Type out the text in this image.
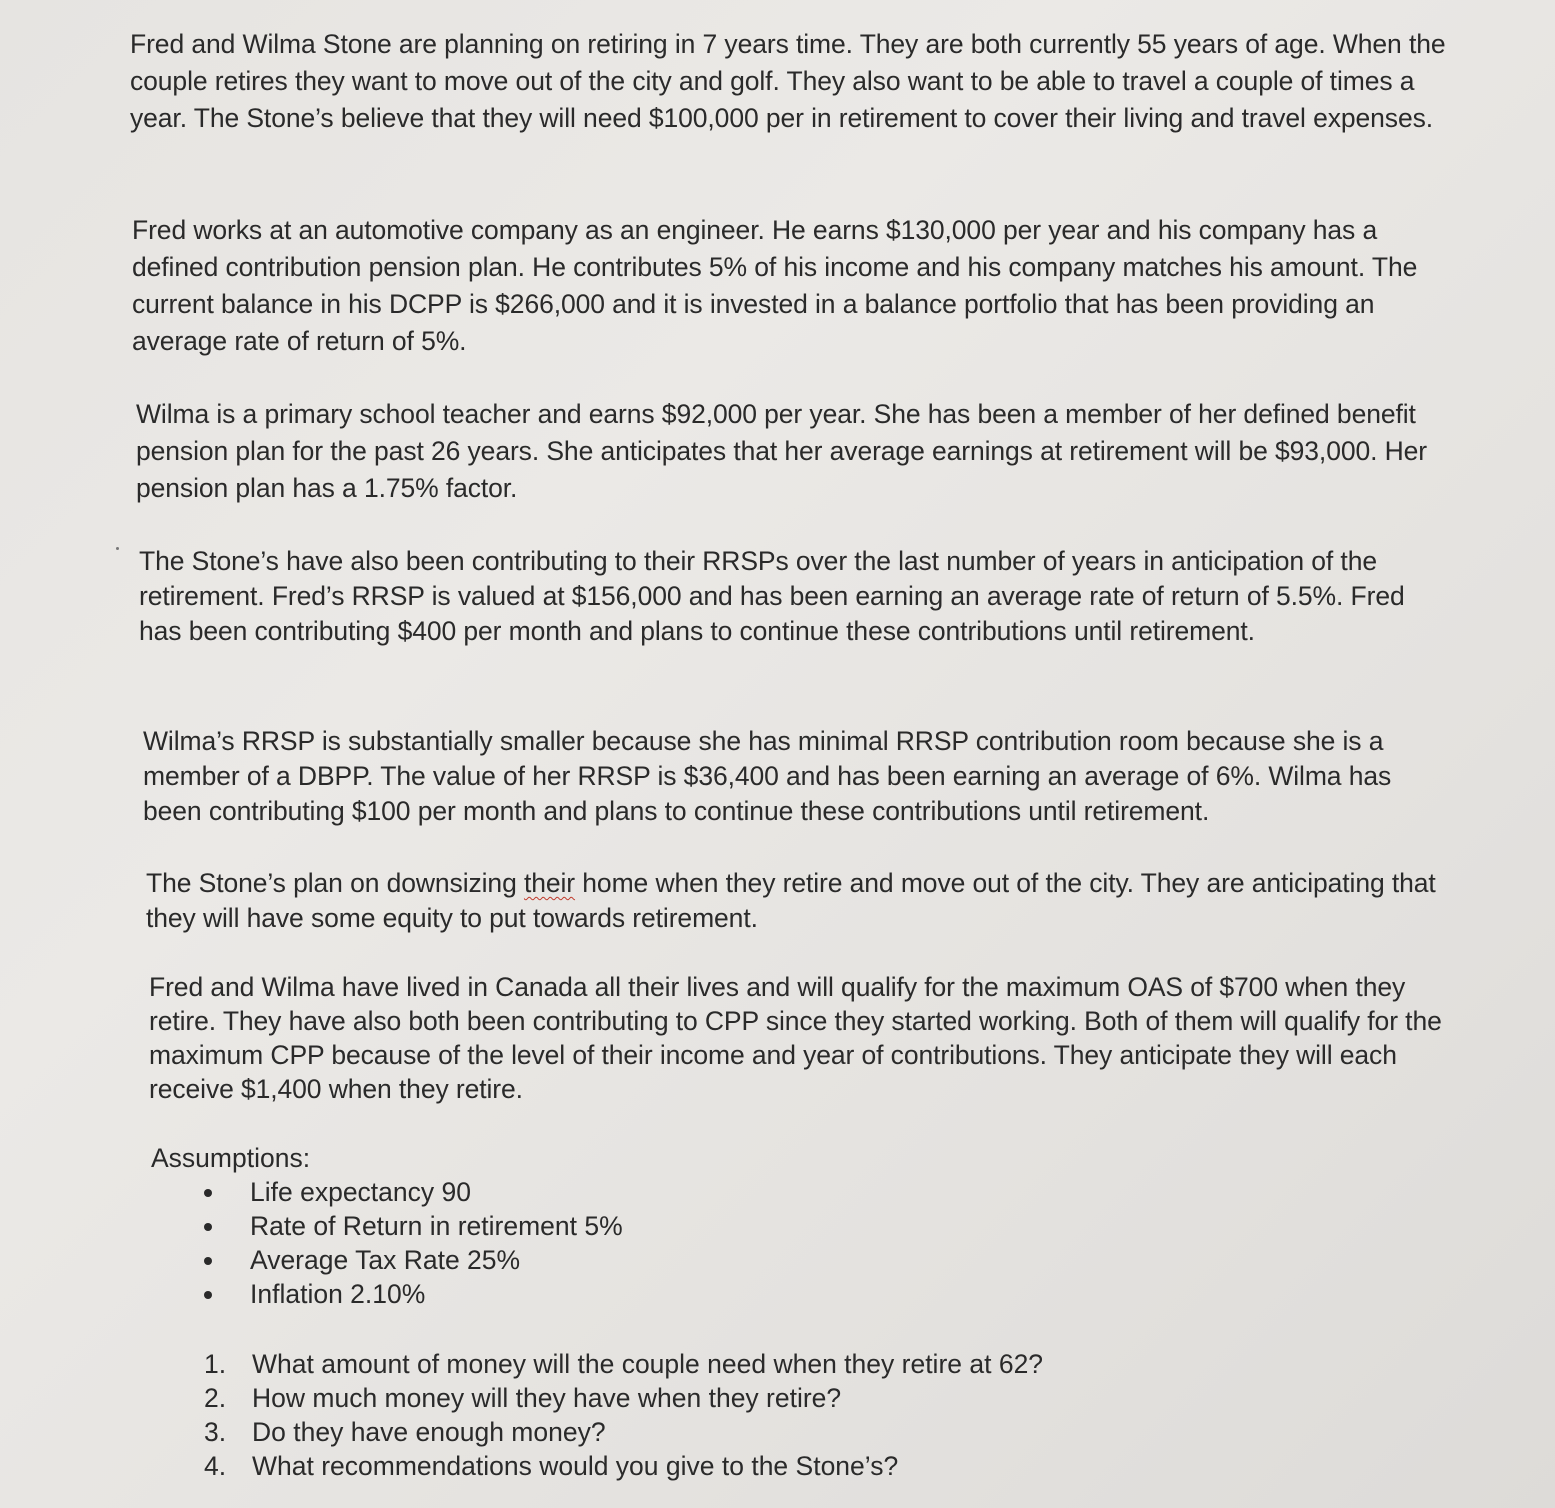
Fred and Wilma Stone are planning on retiring in 7 years time. They are both currently 55 years of age. When the couple retires they want to move out of the city and golf. They also want to be able to travel a couple of times a year. The Stone’s believe that they will need $100,000 per in retirement to cover their living and travel expenses.

Fred works at an automotive company as an engineer. He earns $130,000 per year and his company has a defined contribution pension plan. He contributes 5% of his income and his company matches his amount. The current balance in his DCPP is $266,000 and it is invested in a balance portfolio that has been providing an average rate of return of 5%.

Wilma is a primary school teacher and earns $92,000 per year. She has been a member of her defined benefit pension plan for the past 26 years. She anticipates that her average earnings at retirement will be $93,000. Her pension plan has a 1.75% factor.

The Stone’s have also been contributing to their RRSPs over the last number of years in anticipation of the retirement. Fred’s RRSP is valued at $156,000 and has been earning an average rate of return of 5.5%. Fred has been contributing $400 per month and plans to continue these contributions until retirement.

Wilma’s RRSP is substantially smaller because she has minimal RRSP contribution room because she is a member of a DBPP. The value of her RRSP is $36,400 and has been earning an average of 6%. Wilma has been contributing $100 per month and plans to continue these contributions until retirement.

The Stone’s plan on downsizing their home when they retire and move out of the city. They are anticipating that they will have some equity to put towards retirement.

Fred and Wilma have lived in Canada all their lives and will qualify for the maximum OAS of $700 when they retire. They have also both been contributing to CPP since they started working. Both of them will qualify for the maximum CPP because of the level of their income and year of contributions. They anticipate they will each receive $1,400 when they retire.

Assumptions:

Life expectancy 90
Rate of Return in retirement 5%
Average Tax Rate 25%
Inflation 2.10%
1. What amount of money will the couple need when they retire at 62?
2. How much money will they have when they retire?
3. Do they have enough money?
4. What recommendations would you give to the Stone’s?
